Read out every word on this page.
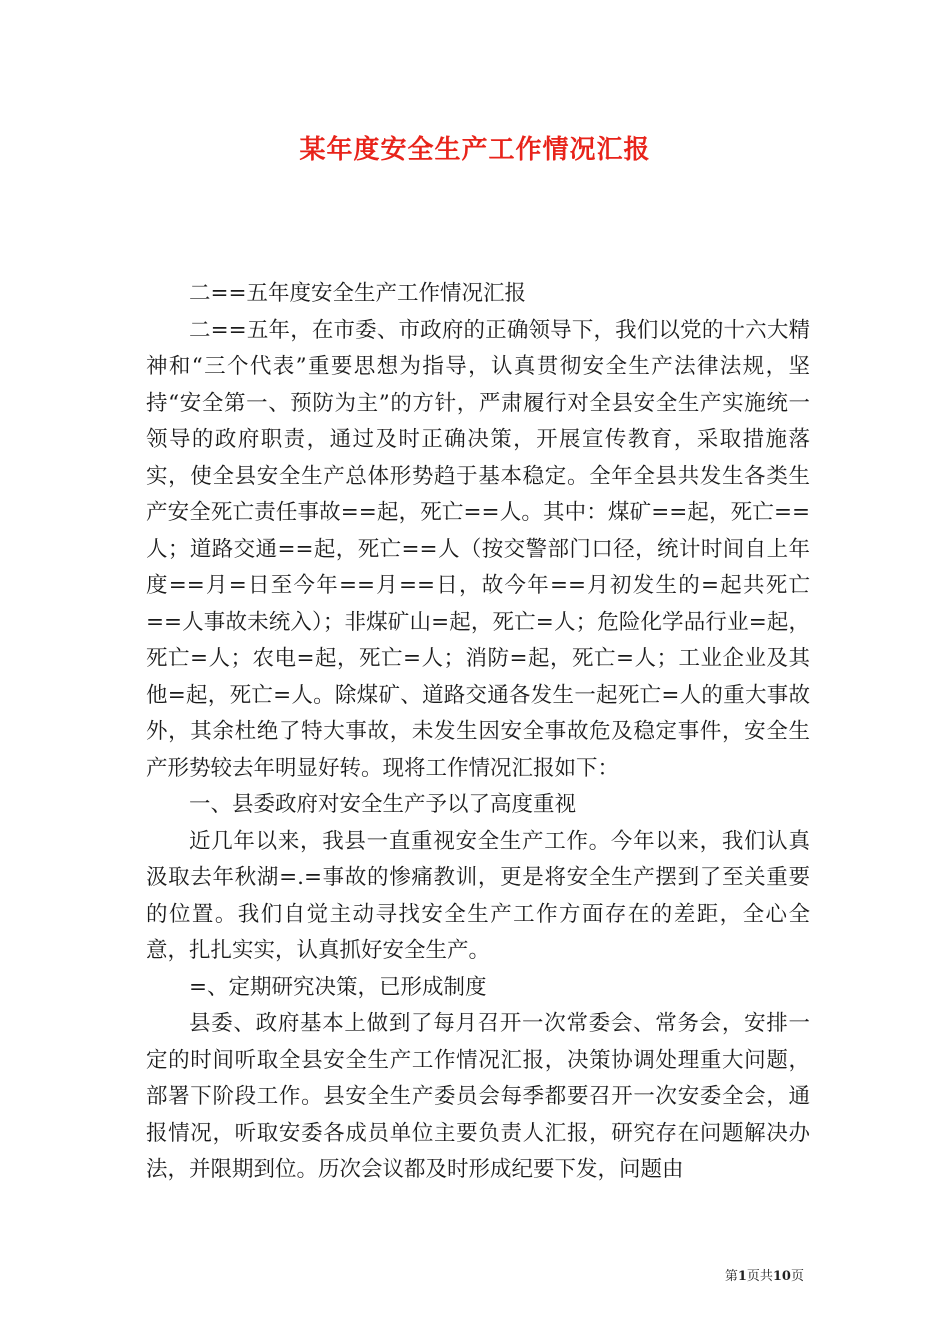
某年度安全生产工作情况汇报

二==五年度安全生产工作情况汇报

二==五年，在市委、市政府的正确领导下，我们以党的十六大精神和“三个代表”重要思想为指导，认真贯彻安全生产法律法规，坚持“安全第一、预防为主”的方针，严肃履行对全县安全生产实施统一领导的政府职责，通过及时正确决策，开展宣传教育，采取措施落实，使全县安全生产总体形势趋于基本稳定。全年全县共发生各类生产安全死亡责任事故==起，死亡==人。其中：煤矿==起，死亡==人；道路交通==起，死亡==人（按交警部门口径，统计时间自上年度==月=日至今年==月==日，故今年==月初发生的=起共死亡==人事故未统入）；非煤矿山=起，死亡=人；危险化学品行业=起，死亡=人；农电=起，死亡=人；消防=起，死亡=人；工业企业及其他=起，死亡=人。除煤矿、道路交通各发生一起死亡=人的重大事故外，其余杜绝了特大事故，未发生因安全事故危及稳定事件，安全生产形势较去年明显好转。现将工作情况汇报如下：

一、县委政府对安全生产予以了高度重视

近几年以来，我县一直重视安全生产工作。今年以来，我们认真汲取去年秋湖=.=事故的惨痛教训，更是将安全生产摆到了至关重要的位置。我们自觉主动寻找安全生产工作方面存在的差距，全心全意，扎扎实实，认真抓好安全生产。

=、定期研究决策，已形成制度

县委、政府基本上做到了每月召开一次常委会、常务会，安排一定的时间听取全县安全生产工作情况汇报，决策协调处理重大问题，部署下阶段工作。县安全生产委员会每季都要召开一次安委全会，通报情况，听取安委各成员单位主要负责人汇报，研究存在问题解决办法，并限期到位。历次会议都及时形成纪要下发，问题由

第1页共10页
